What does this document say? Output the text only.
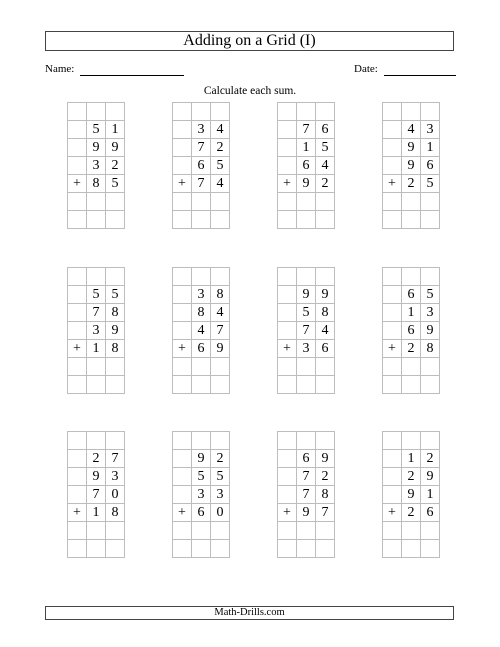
Adding on a Grid (I)
Name:	Date:
Calculate each sum.

	5	1
	9	9
	3	2
+	8	5

	3	4
	7	2
	6	5
+	7	4

	7	6
	1	5
	6	4
+	9	2

	4	3
	9	1
	9	6
+	2	5

	5	5
	7	8
	3	9
+	1	8

	3	8
	8	4
	4	7
+	6	9

	9	9
	5	8
	7	4
+	3	6

	6	5
	1	3
	6	9
+	2	8

	2	7
	9	3
	7	0
+	1	8

	9	2
	5	5
	3	3
+	6	0

	6	9
	7	2
	7	8
+	9	7

	1	2
	2	9
	9	1
+	2	6

Math-Drills.com
